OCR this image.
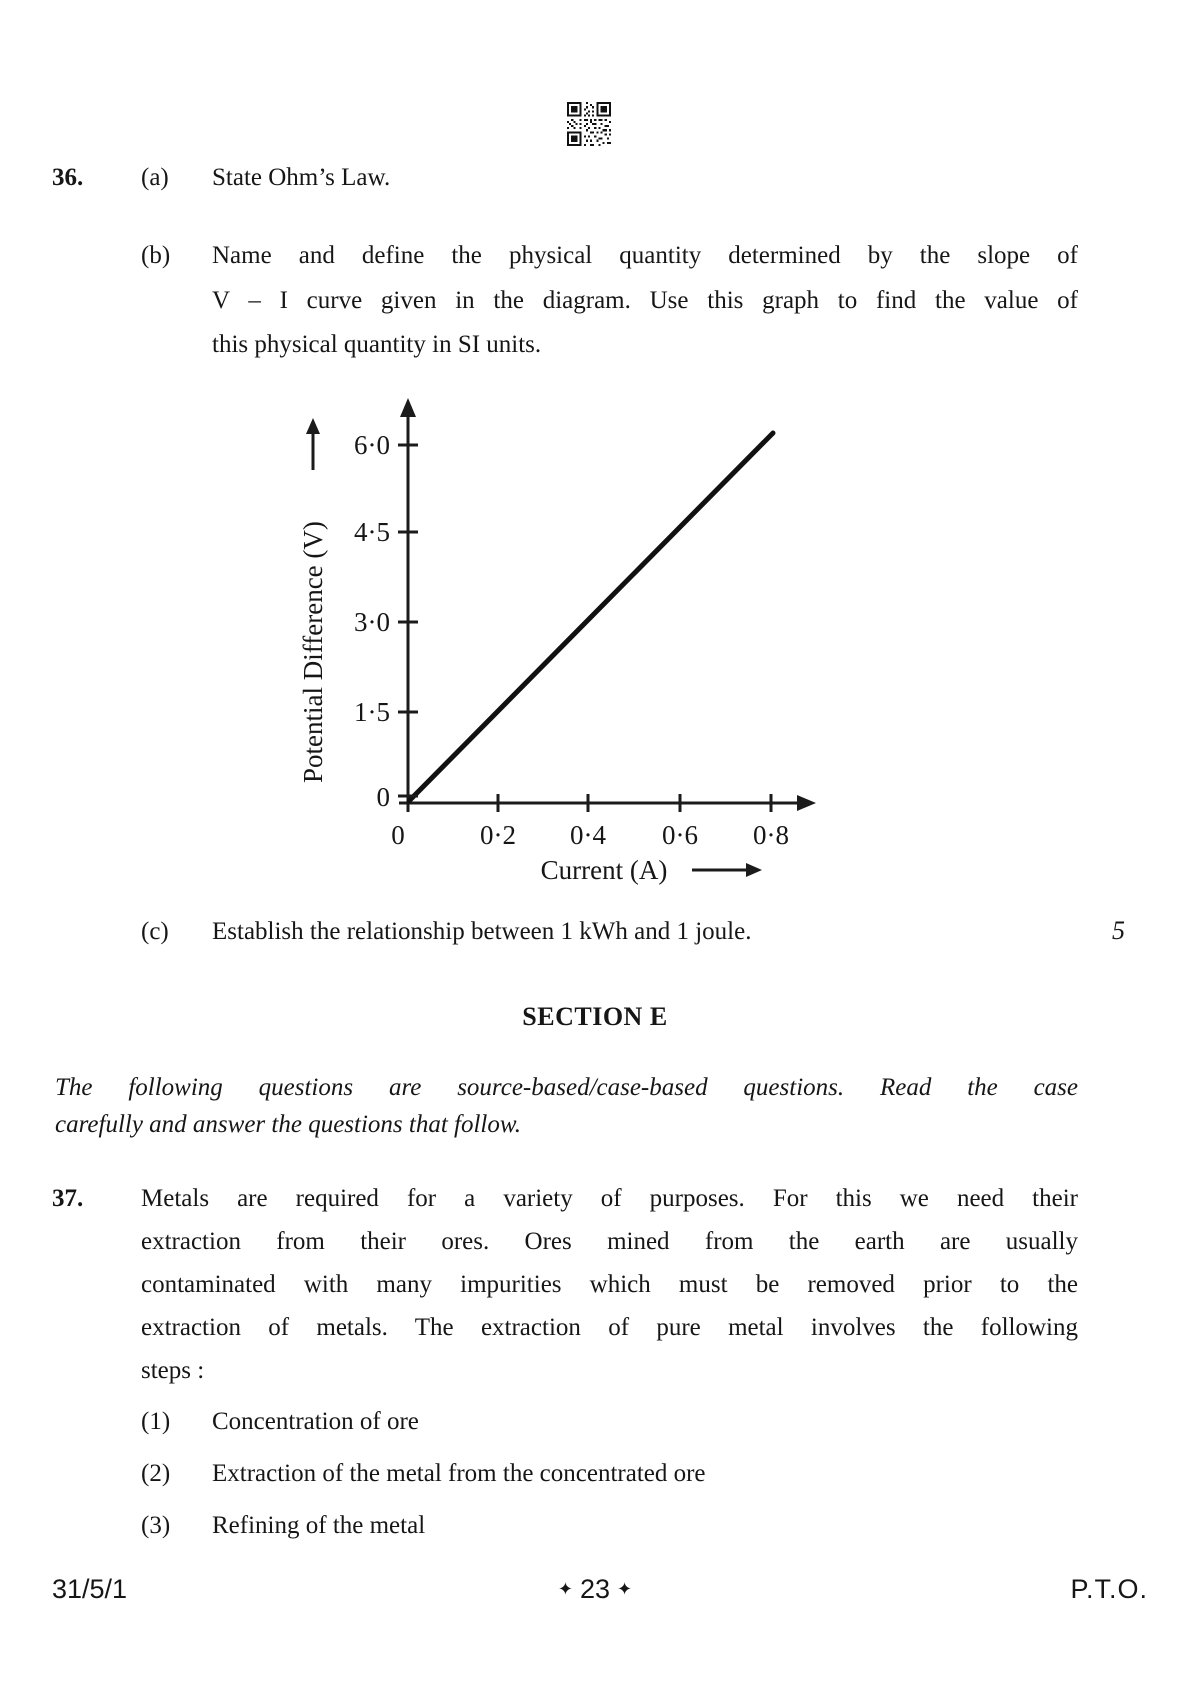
36. (a) State Ohm’s Law.
(b) Name and define the physical quantity determined by the slope of
V – I curve given in the diagram. Use this graph to find the value of
this physical quantity in SI units.
6·0
4·5
3·0
1·5
0
0	0·2 0·4 0·6 0·8
Potential Difference (V)
Current (A)
(c) Establish the relationship between 1 kWh and 1 joule.	5
SECTION E
The following questions are source-based/case-based questions. Read the case
carefully and answer the questions that follow.
37. Metals are required for a variety of purposes. For this we need their
extraction from their ores. Ores mined from the earth are usually
contaminated with many impurities which must be removed prior to the
extraction of metals. The extraction of pure metal involves the following
steps :
(1) Concentration of ore
(2) Extraction of the metal from the concentrated ore
(3) Refining of the metal
31/5/1	✦ 23 ✦	P.T.O.
